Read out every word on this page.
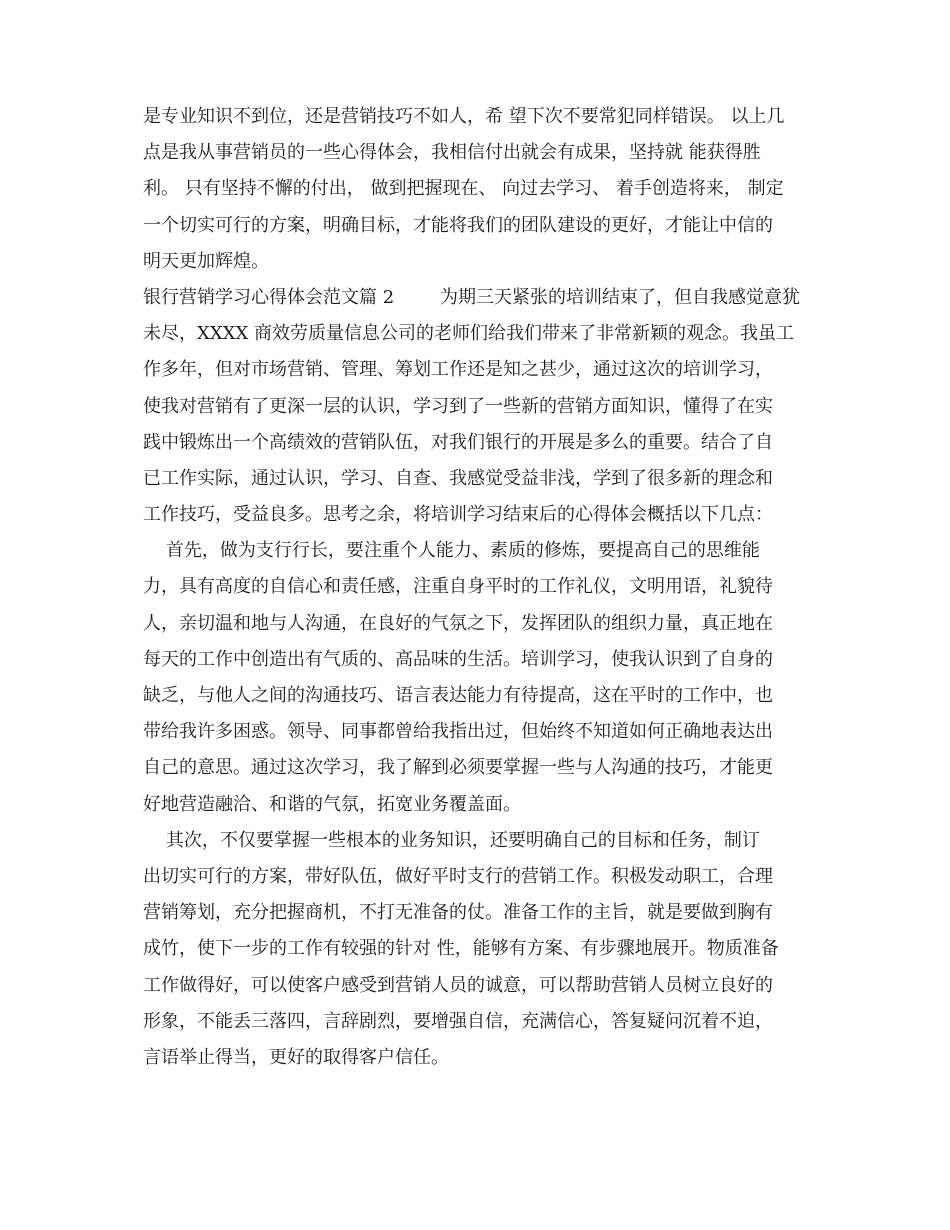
是专业知识不到位，还是营销技巧不如人，希 望下次不要常犯同样错误。 以上几
点是我从事营销员的一些心得体会，我相信付出就会有成果，坚持就 能获得胜
利。 只有坚持不懈的付出， 做到把握现在、 向过去学习、 着手创造将来， 制定
一个切实可行的方案，明确目标，才能将我们的团队建设的更好，才能让中信的
明天更加辉煌。
银行营销学习心得体会范文篇 2        为期三天紧张的培训结束了，但自我感觉意犹
未尽，XXXX 商效劳质量信息公司的老师们给我们带来了非常新颖的观念。我虽工
作多年，但对市场营销、管理、筹划工作还是知之甚少，通过这次的培训学习，
使我对营销有了更深一层的认识，学习到了一些新的营销方面知识，懂得了在实
践中锻炼出一个高绩效的营销队伍，对我们银行的开展是多么的重要。结合了自
已工作实际，通过认识，学习、自查、我感觉受益非浅，学到了很多新的理念和
工作技巧，受益良多。思考之余，将培训学习结束后的心得体会概括以下几点：
首先，做为支行行长，要注重个人能力、素质的修炼，要提高自己的思维能
力，具有高度的自信心和责任感，注重自身平时的工作礼仪，文明用语，礼貌待
人，亲切温和地与人沟通，在良好的气氛之下，发挥团队的组织力量，真正地在
每天的工作中创造出有气质的、高品味的生活。培训学习，使我认识到了自身的
缺乏，与他人之间的沟通技巧、语言表达能力有待提高，这在平时的工作中，也
带给我许多困惑。领导、同事都曾给我指出过，但始终不知道如何正确地表达出
自己的意思。通过这次学习，我了解到必须要掌握一些与人沟通的技巧，才能更
好地营造融洽、和谐的气氛，拓宽业务覆盖面。
其次，不仅要掌握一些根本的业务知识，还要明确自己的目标和任务，制订
出切实可行的方案，带好队伍，做好平时支行的营销工作。积极发动职工，合理
营销筹划，充分把握商机，不打无准备的仗。准备工作的主旨，就是要做到胸有
成竹，使下一步的工作有较强的针对 性，能够有方案、有步骤地展开。物质准备
工作做得好，可以使客户感受到营销人员的诚意，可以帮助营销人员树立良好的
形象，不能丢三落四，言辞剧烈，要增强自信，充满信心，答复疑问沉着不迫，
言语举止得当，更好的取得客户信任。
